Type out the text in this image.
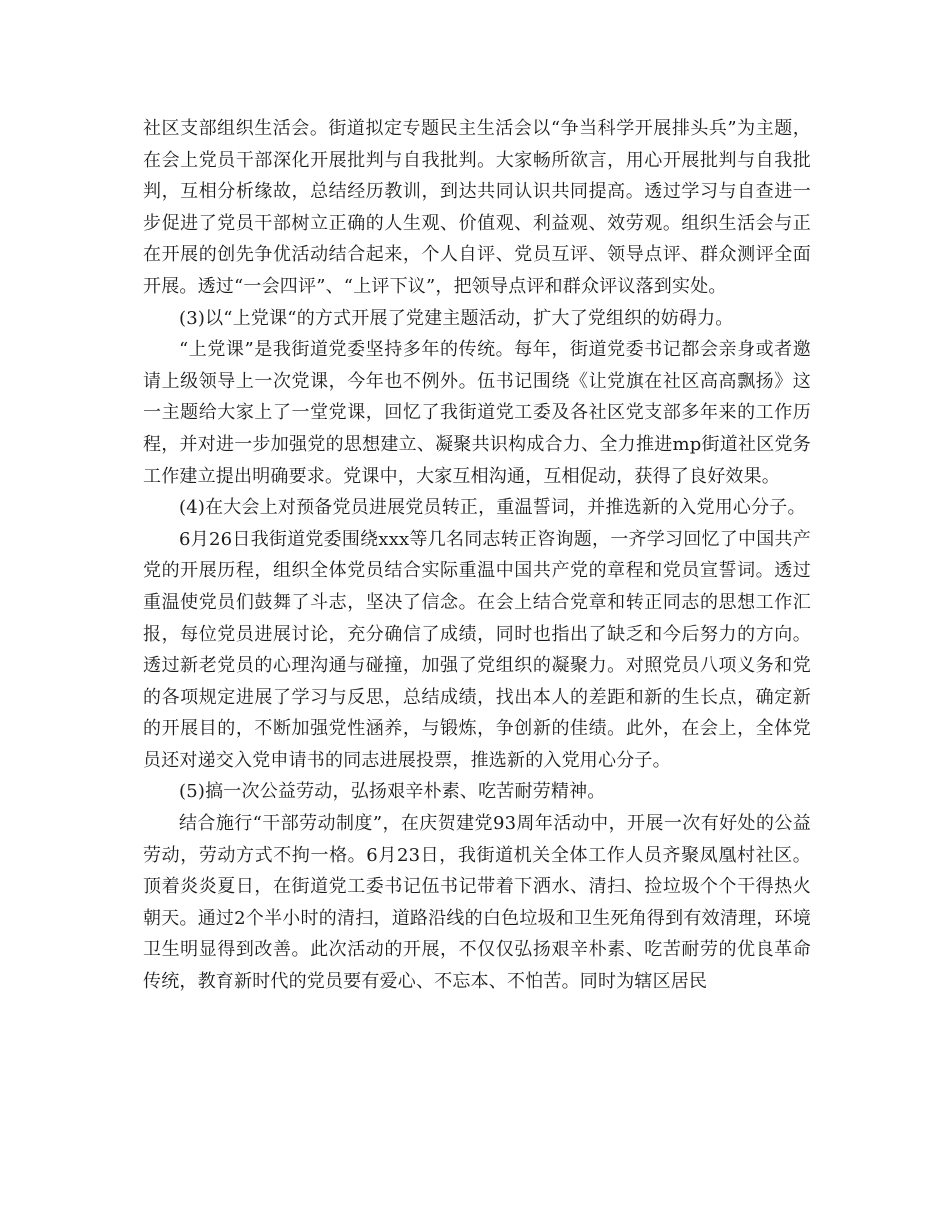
社区支部组织生活会。街道拟定专题民主生活会以“争当科学开展排头兵”为主题，在会上党员干部深化开展批判与自我批判。大家畅所欲言，用心开展批判与自我批判，互相分析缘故，总结经历教训，到达共同认识共同提高。透过学习与自查进一步促进了党员干部树立正确的人生观、价值观、利益观、效劳观。组织生活会与正在开展的创先争优活动结合起来，个人自评、党员互评、领导点评、群众测评全面开展。透过“一会四评”、“上评下议”，把领导点评和群众评议落到实处。

(3)以“上党课“的方式开展了党建主题活动，扩大了党组织的妨碍力。

“上党课”是我街道党委坚持多年的传统。每年，街道党委书记都会亲身或者邀请上级领导上一次党课，今年也不例外。伍书记围绕《让党旗在社区高高飘扬》这一主题给大家上了一堂党课，回忆了我街道党工委及各社区党支部多年来的工作历程，并对进一步加强党的思想建立、凝聚共识构成合力、全力推进mp街道社区党务工作建立提出明确要求。党课中，大家互相沟通，互相促动，获得了良好效果。

(4)在大会上对预备党员进展党员转正，重温誓词，并推选新的入党用心分子。

6月26日我街道党委围绕xxx等几名同志转正咨询题，一齐学习回忆了中国共产党的开展历程，组织全体党员结合实际重温中国共产党的章程和党员宣誓词。透过重温使党员们鼓舞了斗志，坚决了信念。在会上结合党章和转正同志的思想工作汇报，每位党员进展讨论，充分确信了成绩，同时也指出了缺乏和今后努力的方向。透过新老党员的心理沟通与碰撞，加强了党组织的凝聚力。对照党员八项义务和党的各项规定进展了学习与反思，总结成绩，找出本人的差距和新的生长点，确定新的开展目的，不断加强党性涵养，与锻炼，争创新的佳绩。此外，在会上，全体党员还对递交入党申请书的同志进展投票，推选新的入党用心分子。

(5)搞一次公益劳动，弘扬艰辛朴素、吃苦耐劳精神。

结合施行“干部劳动制度”，在庆贺建党93周年活动中，开展一次有好处的公益劳动，劳动方式不拘一格。6月23日，我街道机关全体工作人员齐聚凤凰村社区。顶着炎炎夏日，在街道党工委书记伍书记带着下洒水、清扫、捡垃圾个个干得热火朝天。通过2个半小时的清扫，道路沿线的白色垃圾和卫生死角得到有效清理，环境卫生明显得到改善。此次活动的开展，不仅仅弘扬艰辛朴素、吃苦耐劳的优良革命传统，教育新时代的党员要有爱心、不忘本、不怕苦。同时为辖区居民
